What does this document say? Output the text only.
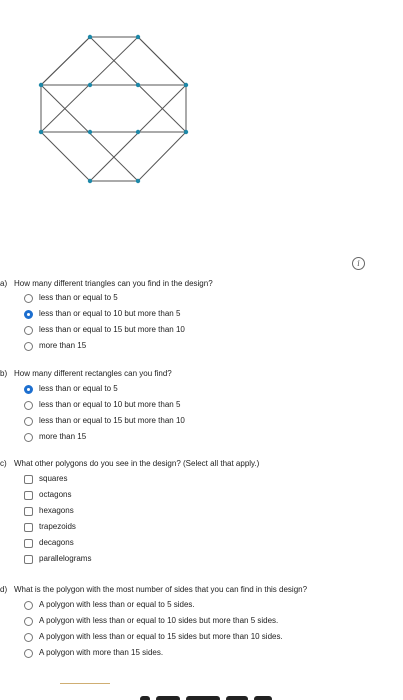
i
a) How many different triangles can you find in the design?
less than or equal to 5
less than or equal to 10 but more than 5
less than or equal to 15 but more than 10
more than 15
b) How many different rectangles can you find?
less than or equal to 5
less than or equal to 10 but more than 5
less than or equal to 15 but more than 10
more than 15
c) What other polygons do you see in the design? (Select all that apply.)
squares
octagons
hexagons
trapezoids
decagons
parallelograms
d) What is the polygon with the most number of sides that you can find in this design?
A polygon with less than or equal to 5 sides.
A polygon with less than or equal to 10 sides but more than 5 sides.
A polygon with less than or equal to 15 sides but more than 10 sides.
A polygon with more than 15 sides.
